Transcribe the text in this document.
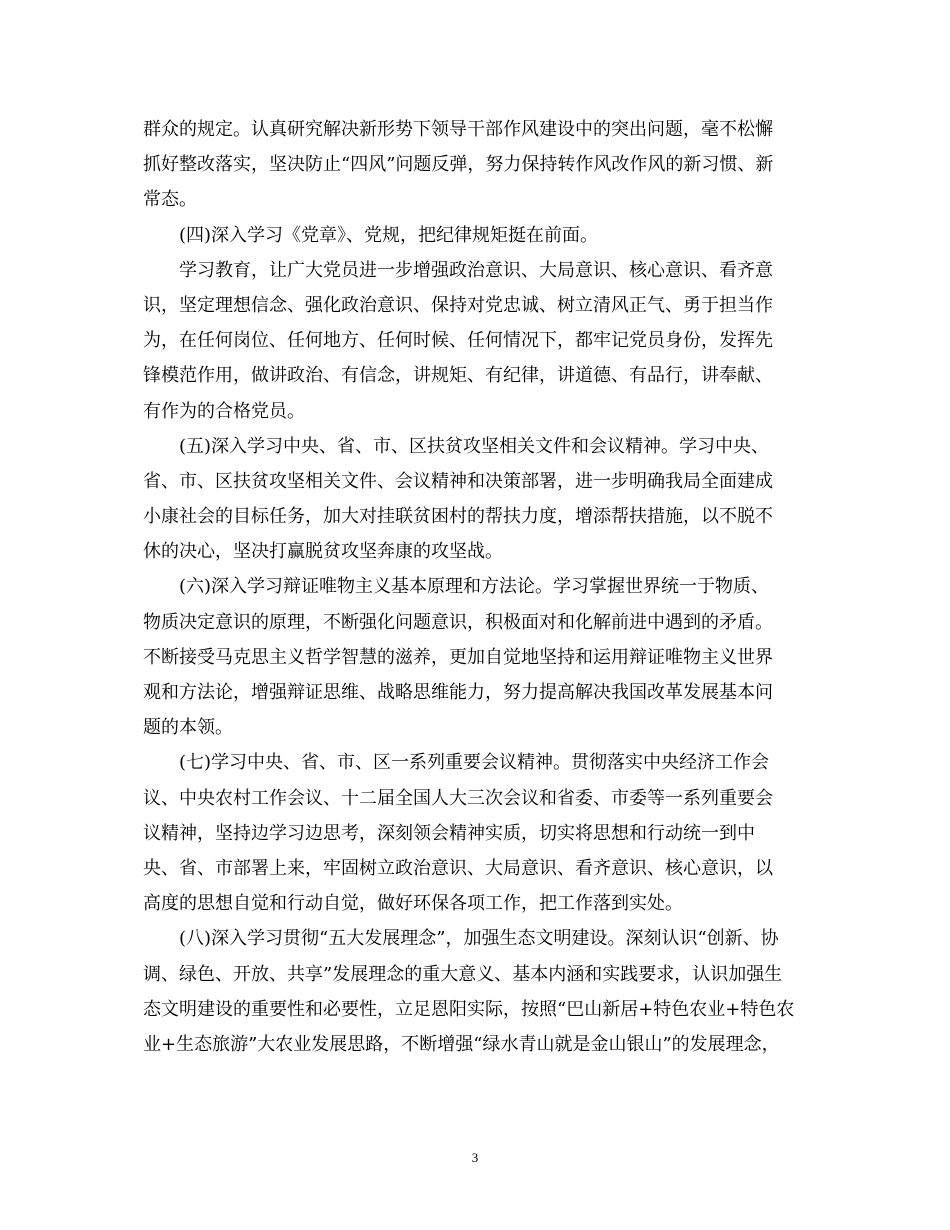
群众的规定。认真研究解决新形势下领导干部作风建设中的突出问题，毫不松懈
抓好整改落实，坚决防止“四风”问题反弹，努力保持转作风改作风的新习惯、新
常态。
(四)深入学习《党章》、党规，把纪律规矩挺在前面。
学习教育，让广大党员进一步增强政治意识、大局意识、核心意识、看齐意
识，坚定理想信念、强化政治意识、保持对党忠诚、树立清风正气、勇于担当作
为，在任何岗位、任何地方、任何时候、任何情况下，都牢记党员身份，发挥先
锋模范作用，做讲政治、有信念，讲规矩、有纪律，讲道德、有品行，讲奉献、
有作为的合格党员。
(五)深入学习中央、省、市、区扶贫攻坚相关文件和会议精神。学习中央、
省、市、区扶贫攻坚相关文件、会议精神和决策部署，进一步明确我局全面建成
小康社会的目标任务，加大对挂联贫困村的帮扶力度，增添帮扶措施，以不脱不
休的决心，坚决打赢脱贫攻坚奔康的攻坚战。
(六)深入学习辩证唯物主义基本原理和方法论。学习掌握世界统一于物质、
物质决定意识的原理，不断强化问题意识，积极面对和化解前进中遇到的矛盾。
不断接受马克思主义哲学智慧的滋养，更加自觉地坚持和运用辩证唯物主义世界
观和方法论，增强辩证思维、战略思维能力，努力提高解决我国改革发展基本问
题的本领。
(七)学习中央、省、市、区一系列重要会议精神。贯彻落实中央经济工作会
议、中央农村工作会议、十二届全国人大三次会议和省委、市委等一系列重要会
议精神，坚持边学习边思考，深刻领会精神实质，切实将思想和行动统一到中
央、省、市部署上来，牢固树立政治意识、大局意识、看齐意识、核心意识，以
高度的思想自觉和行动自觉，做好环保各项工作，把工作落到实处。
(八)深入学习贯彻“五大发展理念”，加强生态文明建设。深刻认识“创新、协
调、绿色、开放、共享”发展理念的重大意义、基本内涵和实践要求，认识加强生
态文明建设的重要性和必要性，立足恩阳实际，按照“巴山新居+特色农业+特色农
业+生态旅游”大农业发展思路，不断增强“绿水青山就是金山银山”的发展理念，
3
